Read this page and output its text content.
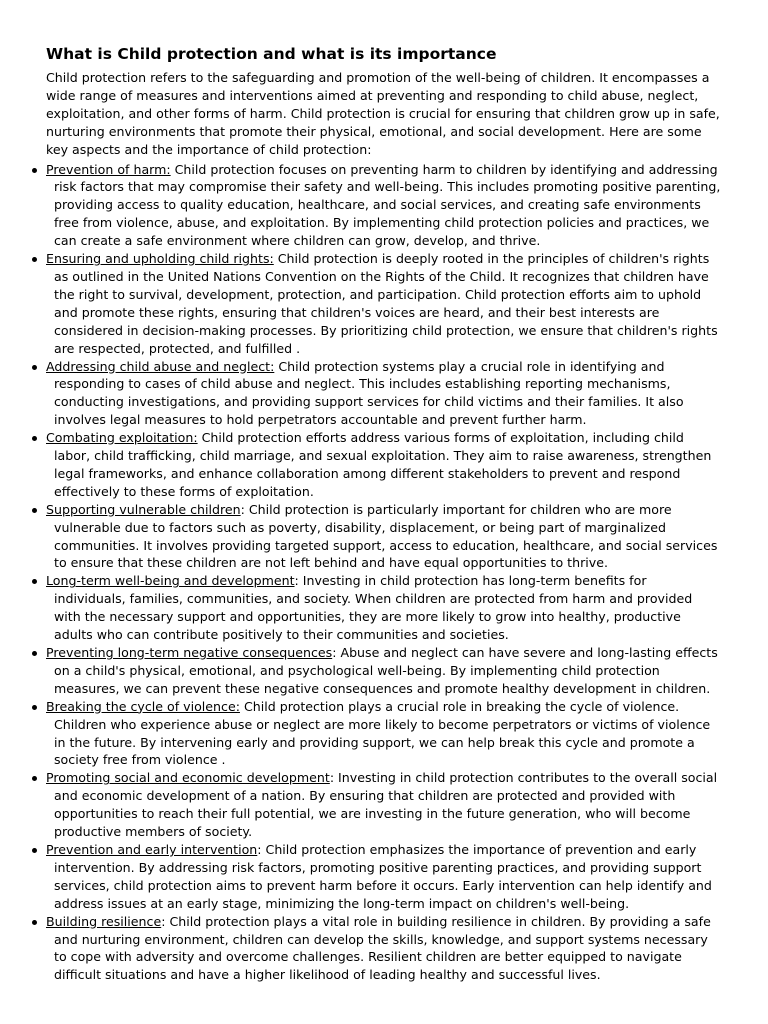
What is Child protection and what is its importance

Child protection refers to the safeguarding and promotion of the well-being of children. It encompasses a wide range of measures and interventions aimed at preventing and responding to child abuse, neglect, exploitation, and other forms of harm. Child protection is crucial for ensuring that children grow up in safe, nurturing environments that promote their physical, emotional, and social development. Here are some key aspects and the importance of child protection:

Prevention of harm: Child protection focuses on preventing harm to children by identifying and addressing risk factors that may compromise their safety and well-being. This includes promoting positive parenting, providing access to quality education, healthcare, and social services, and creating safe environments free from violence, abuse, and exploitation. By implementing child protection policies and practices, we can create a safe environment where children can grow, develop, and thrive.
Ensuring and upholding child rights: Child protection is deeply rooted in the principles of children's rights as outlined in the United Nations Convention on the Rights of the Child. It recognizes that children have the right to survival, development, protection, and participation. Child protection efforts aim to uphold and promote these rights, ensuring that children's voices are heard, and their best interests are considered in decision-making processes. By prioritizing child protection, we ensure that children's rights are respected, protected, and fulfilled .
Addressing child abuse and neglect: Child protection systems play a crucial role in identifying and responding to cases of child abuse and neglect. This includes establishing reporting mechanisms, conducting investigations, and providing support services for child victims and their families. It also involves legal measures to hold perpetrators accountable and prevent further harm.
Combating exploitation: Child protection efforts address various forms of exploitation, including child labor, child trafficking, child marriage, and sexual exploitation. They aim to raise awareness, strengthen legal frameworks, and enhance collaboration among different stakeholders to prevent and respond effectively to these forms of exploitation.
Supporting vulnerable children: Child protection is particularly important for children who are more vulnerable due to factors such as poverty, disability, displacement, or being part of marginalized communities. It involves providing targeted support, access to education, healthcare, and social services to ensure that these children are not left behind and have equal opportunities to thrive.
Long-term well-being and development: Investing in child protection has long-term benefits for individuals, families, communities, and society. When children are protected from harm and provided with the necessary support and opportunities, they are more likely to grow into healthy, productive adults who can contribute positively to their communities and societies.
Preventing long-term negative consequences: Abuse and neglect can have severe and long-lasting effects on a child's physical, emotional, and psychological well-being. By implementing child protection measures, we can prevent these negative consequences and promote healthy development in children.
Breaking the cycle of violence: Child protection plays a crucial role in breaking the cycle of violence. Children who experience abuse or neglect are more likely to become perpetrators or victims of violence in the future. By intervening early and providing support, we can help break this cycle and promote a society free from violence .
Promoting social and economic development: Investing in child protection contributes to the overall social and economic development of a nation. By ensuring that children are protected and provided with opportunities to reach their full potential, we are investing in the future generation, who will become productive members of society.
Prevention and early intervention: Child protection emphasizes the importance of prevention and early intervention. By addressing risk factors, promoting positive parenting practices, and providing support services, child protection aims to prevent harm before it occurs. Early intervention can help identify and address issues at an early stage, minimizing the long-term impact on children's well-being.
Building resilience: Child protection plays a vital role in building resilience in children. By providing a safe and nurturing environment, children can develop the skills, knowledge, and support systems necessary to cope with adversity and overcome challenges. Resilient children are better equipped to navigate difficult situations and have a higher likelihood of leading healthy and successful lives.
